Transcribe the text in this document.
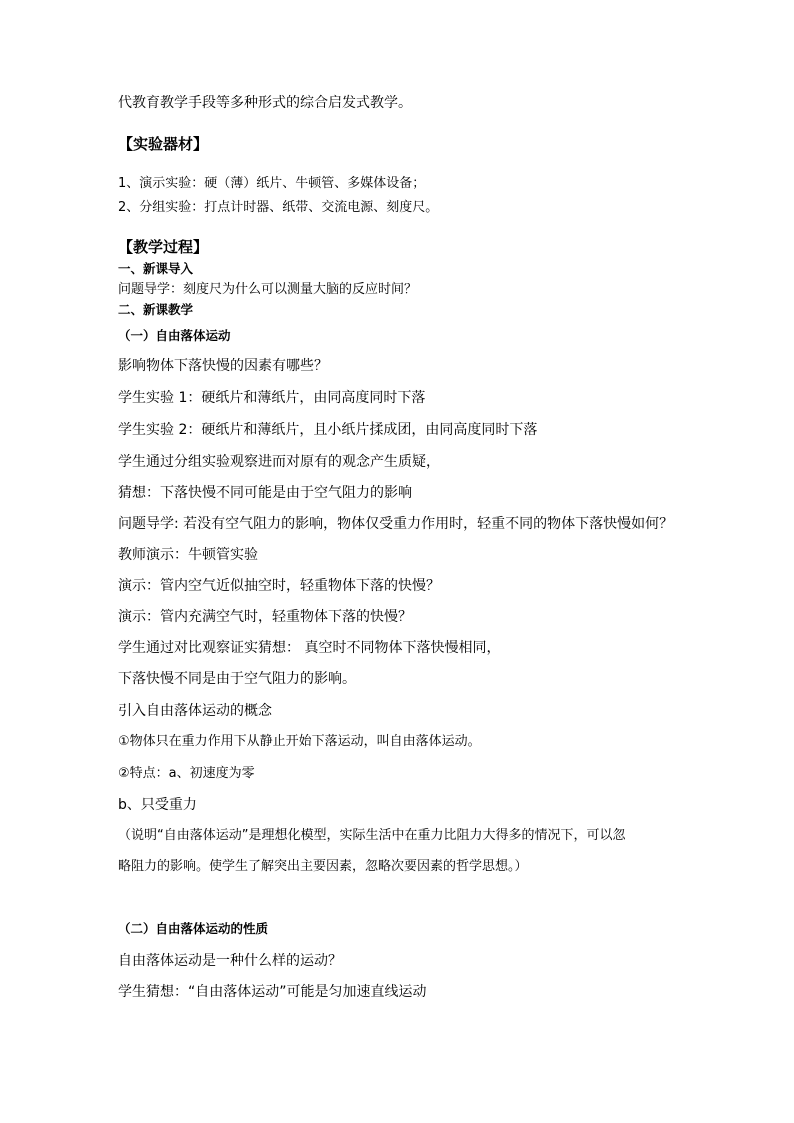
代教育教学手段等多种形式的综合启发式教学。

【实验器材】

1、演示实验：硬（薄）纸片、牛顿管、多媒体设备；

2、分组实验：打点计时器、纸带、交流电源、刻度尺。

【教学过程】

一、新课导入

问题导学：刻度尺为什么可以测量大脑的反应时间？

二、新课教学

（一）自由落体运动

影响物体下落快慢的因素有哪些？

学生实验 1：硬纸片和薄纸片，由同高度同时下落

学生实验 2：硬纸片和薄纸片，且小纸片揉成团，由同高度同时下落

学生通过分组实验观察进而对原有的观念产生质疑，

猜想：下落快慢不同可能是由于空气阻力的影响

问题导学: 若没有空气阻力的影响，物体仅受重力作用时，轻重不同的物体下落快慢如何？

教师演示：牛顿管实验

演示：管内空气近似抽空时，轻重物体下落的快慢？

演示：管内充满空气时，轻重物体下落的快慢？

学生通过对比观察证实猜想： 真空时不同物体下落快慢相同，

下落快慢不同是由于空气阻力的影响。

引入自由落体运动的概念

①物体只在重力作用下从静止开始下落运动，叫自由落体运动。

②特点：a、初速度为零

b、只受重力

（说明“自由落体运动”是理想化模型，实际生活中在重力比阻力大得多的情况下，可以忽

略阻力的影响。使学生了解突出主要因素，忽略次要因素的哲学思想。）

（二）自由落体运动的性质

自由落体运动是一种什么样的运动？

学生猜想：“自由落体运动”可能是匀加速直线运动
